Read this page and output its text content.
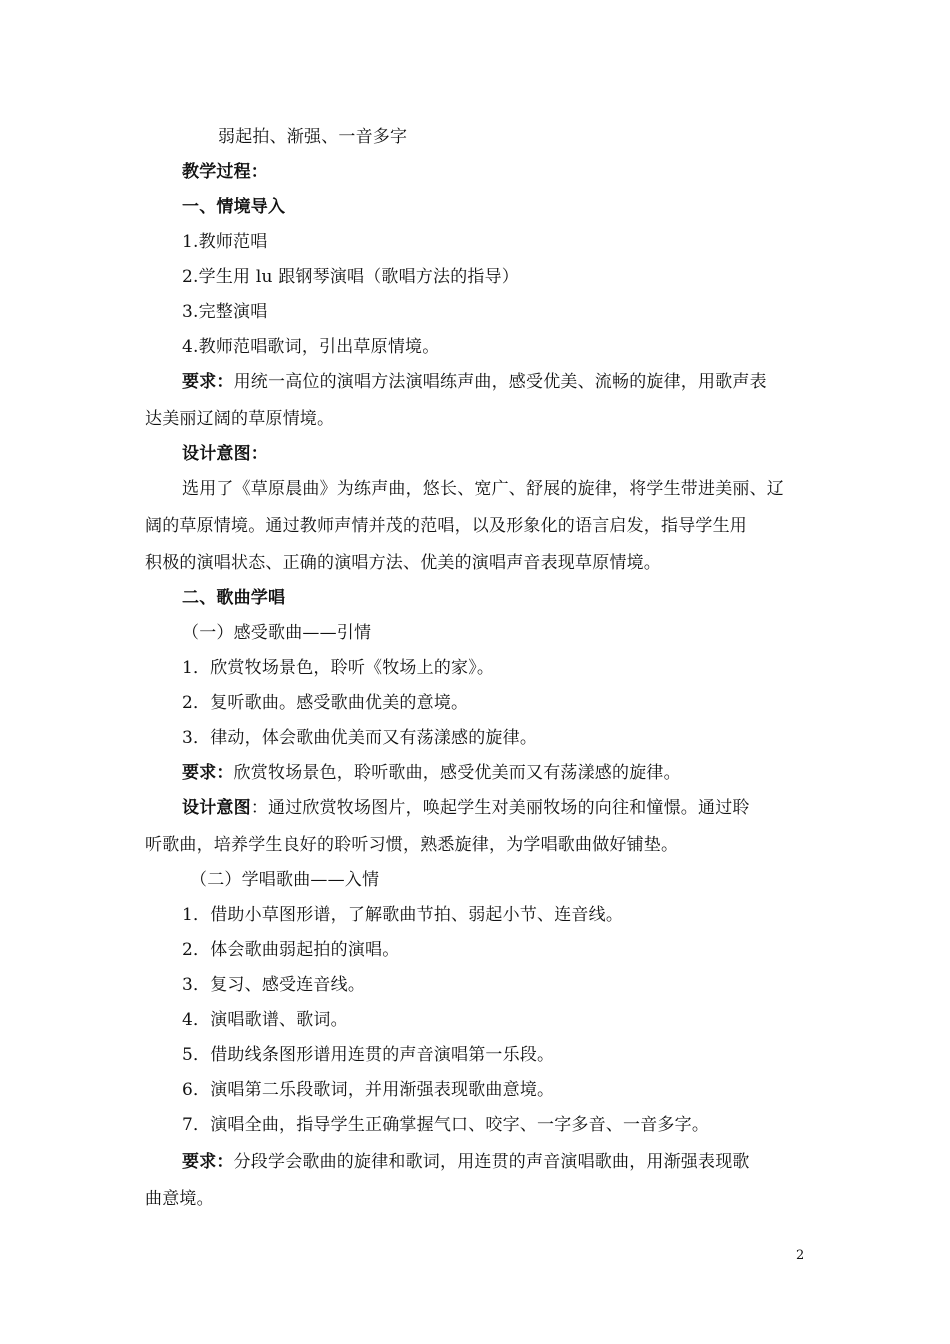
弱起拍、渐强、一音多字
教学过程：
一、情境导入
1.教师范唱
2.学生用 lu 跟钢琴演唱（歌唱方法的指导）
3.完整演唱
4.教师范唱歌词，引出草原情境。
要求：用统一高位的演唱方法演唱练声曲，感受优美、流畅的旋律，用歌声表
达美丽辽阔的草原情境。
设计意图：
选用了《草原晨曲》为练声曲，悠长、宽广、舒展的旋律，将学生带进美丽、辽
阔的草原情境。通过教师声情并茂的范唱，以及形象化的语言启发，指导学生用
积极的演唱状态、正确的演唱方法、优美的演唱声音表现草原情境。
二、歌曲学唱
（一）感受歌曲——引情
1．欣赏牧场景色，聆听《牧场上的家》。
2．复听歌曲。感受歌曲优美的意境。
3．律动，体会歌曲优美而又有荡漾感的旋律。
要求：欣赏牧场景色，聆听歌曲，感受优美而又有荡漾感的旋律。
设计意图：通过欣赏牧场图片，唤起学生对美丽牧场的向往和憧憬。通过聆
听歌曲，培养学生良好的聆听习惯，熟悉旋律，为学唱歌曲做好铺垫。
（二）学唱歌曲——入情
1．借助小草图形谱，了解歌曲节拍、弱起小节、连音线。
2．体会歌曲弱起拍的演唱。
3．复习、感受连音线。
4．演唱歌谱、歌词。
5．借助线条图形谱用连贯的声音演唱第一乐段。
6．演唱第二乐段歌词，并用渐强表现歌曲意境。
7．演唱全曲，指导学生正确掌握气口、咬字、一字多音、一音多字。
要求：分段学会歌曲的旋律和歌词，用连贯的声音演唱歌曲，用渐强表现歌
曲意境。
2
